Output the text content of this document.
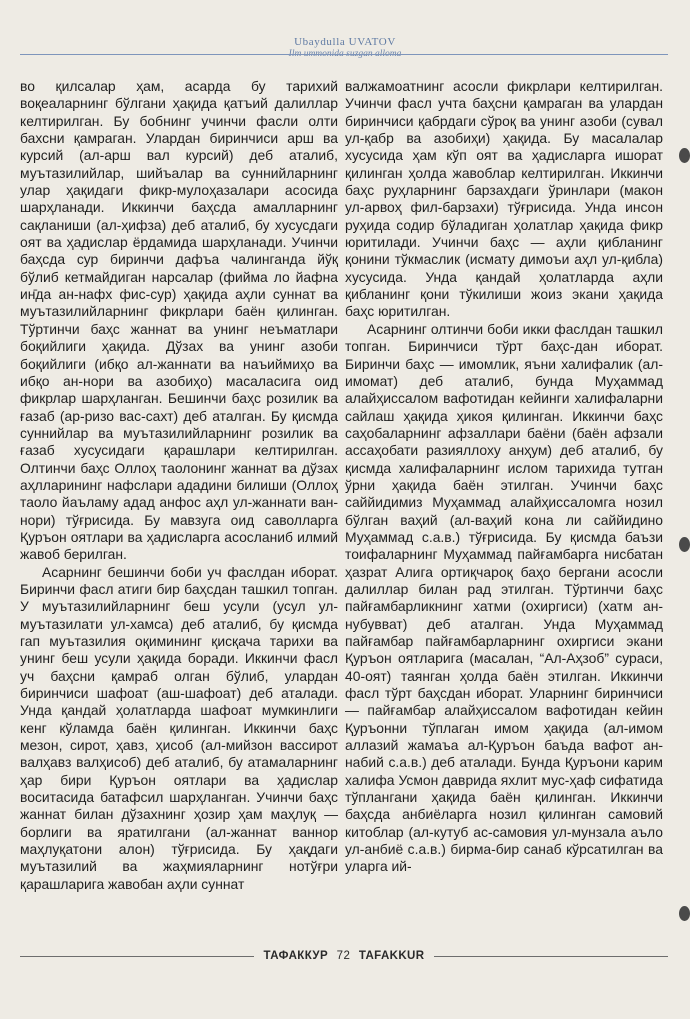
Ubaydulla UVATOV
Ilm ummonida suzgan alloma

во қилсалар ҳам, асарда бу тарихий воқеаларнинг бўлгани ҳақида қатъий далиллар келтирилган. Бу бобнинг учинчи фасли олти бахсни қамраган. Улардан биринчиси арш ва курсий (ал-арш вал курсий) деб аталиб, муътазилийлар, шийъалар ва суннийларнинг улар ҳақидаги фикр-мулоҳазалари асосида шарҳланади. Иккинчи баҳсда амалларнинг сақланиши (ал-ҳифза) деб аталиб, бу хусусдаги оят ва ҳадислар ёрдамида шарҳланади. Учинчи баҳсда сур биринчи дафъа чалинганда йўқ бўлиб кетмайдиган нарсалар (фийма ло йафна ин̄да ан-нафх фис-сур) ҳақида аҳли суннат ва муътазилийларнинг фикрлари баён қилинган. Тўртинчи баҳс жаннат ва унинг неъматлари боқийлиги ҳақида. Дўзах ва унинг азоби боқийлиги (ибқо ал-жаннати ва наъиймиҳо ва ибқо ан-нори ва азобиҳо) масаласига оид фикрлар шарҳланган. Бешинчи баҳс розилик ва ғазаб (ар-ризо вас-сахт) деб аталган. Бу қисмда суннийлар ва муътазилийларнинг розилик ва ғазаб хусусидаги қарашлари келтирилган. Олтинчи баҳс Оллоҳ таолонинг жаннат ва дўзах аҳлларининг нафслари ададини билиши (Оллоҳ таоло йаъламу адад анфос аҳл ул-жаннати ван-нори) тўғрисида. Бу мавзуга оид саволларга Қуръон оятлари ва ҳадисларга асосланиб илмий жавоб берилган.

Асарнинг бешинчи боби уч фаслдан иборат. Биринчи фасл атиги бир баҳсдан ташкил топган. У муътазилийларнинг беш усули (усул ул-муътазилати ул-хамса) деб аталиб, бу қисмда гап муътазилия оқимининг қисқача тарихи ва унинг беш усули ҳақида боради. Иккинчи фасл уч баҳсни қамраб олган бўлиб, улардан биринчиси шафоат (аш-шафоат) деб аталади. Унда қандай ҳолатларда шафоат мумкинлиги кенг кўламда баён қилинган. Иккинчи баҳс мезон, сирот, ҳавз, ҳисоб (ал-мийзон вассирот валҳавз валҳисоб) деб аталиб, бу атамаларнинг ҳар бири Қуръон оятлари ва ҳадислар воситасида батафсил шарҳланган. Учинчи баҳс жаннат билан дўзахнинг ҳозир ҳам маҳлуқ — борлиги ва яратилгани (ал-жаннат ваннор маҳлуқатони алон) тўғрисида. Бу ҳақдаги муътазилий ва жаҳмияларнинг нотўғри қарашларига жавобан аҳли суннат

валжамоатнинг асосли фикрлари келтирилган. Учинчи фасл учта баҳсни қамраган ва улардан биринчиси қабрдаги сўроқ ва унинг азоби (сувал ул-қабр ва азобиҳи) ҳақида. Бу масалалар хусусида ҳам кўп оят ва ҳадисларга ишорат қилинган ҳолда жавоблар келтирилган. Иккинчи баҳс руҳларнинг барзахдаги ўринлари (макон ул-арвоҳ фил-барзахи) тўғрисида. Унда инсон руҳида содир бўладиган ҳолатлар ҳақида фикр юритилади. Учинчи баҳс — аҳли қибланинг қонини тўкмаслик (исмату димоъи аҳл ул-қибла) хусусида. Унда қандай ҳолатларда аҳли қибланинг қони тўкилиши жоиз экани ҳақида баҳс юритилган.

Асарнинг олтинчи боби икки фаслдан ташкил топган. Биринчиси тўрт баҳс-дан иборат. Биринчи баҳс — имомлик, яъни халифалик (ал-имомат) деб аталиб, бунда Муҳаммад алайҳиссалом вафотидан кейинги халифаларни сайлаш ҳақида ҳикоя қилинган. Иккинчи баҳс саҳобаларнинг афзаллари баёни (баён афзали ассаҳобати разияллоху анҳум) деб аталиб, бу қисмда халифаларнинг ислом тарихида тутган ўрни ҳақида баён этилган. Учинчи баҳс саййидимиз Муҳаммад алайҳиссаломга нозил бўлган ваҳий (ал-ваҳий кона ли саййидино Муҳаммад с.а.в.) тўғрисида. Бу қисмда баъзи тоифаларнинг Муҳаммад пайғамбарга нисбатан ҳазрат Алига ортиқчароқ баҳо бергани асосли далиллар билан рад этилган. Тўртинчи баҳс пайғамбарликнинг хатми (охиргиси) (хатм ан-нубувват) деб аталган. Унда Муҳаммад пайғамбар пайғамбарларнинг охиргиси экани Қуръон оятларига (масалан, “Ал-Аҳзоб” сураси, 40-оят) таянган ҳолда баён этилган. Иккинчи фасл тўрт баҳсдан иборат. Уларнинг биринчиси — пайғамбар алайҳиссалом вафотидан кейин Қуръонни тўплаган имом ҳақида (ал-имом аллазий жамаъа ал-Қуръон баъда вафот ан-набий с.а.в.) деб аталади. Бунда Қуръони карим халифа Усмон даврида яхлит мус-ҳаф сифатида тўплангани ҳақида баён қилинган. Иккинчи баҳсда анбиёларга нозил қилинган самовий китоблар (ал-кутуб ас-самовия ул-мунзала аъло ул-анбиё с.а.в.) бирма-бир санаб кўрсатилган ва уларга ий-

ТАФАККУР 72 TAFAKKUR
